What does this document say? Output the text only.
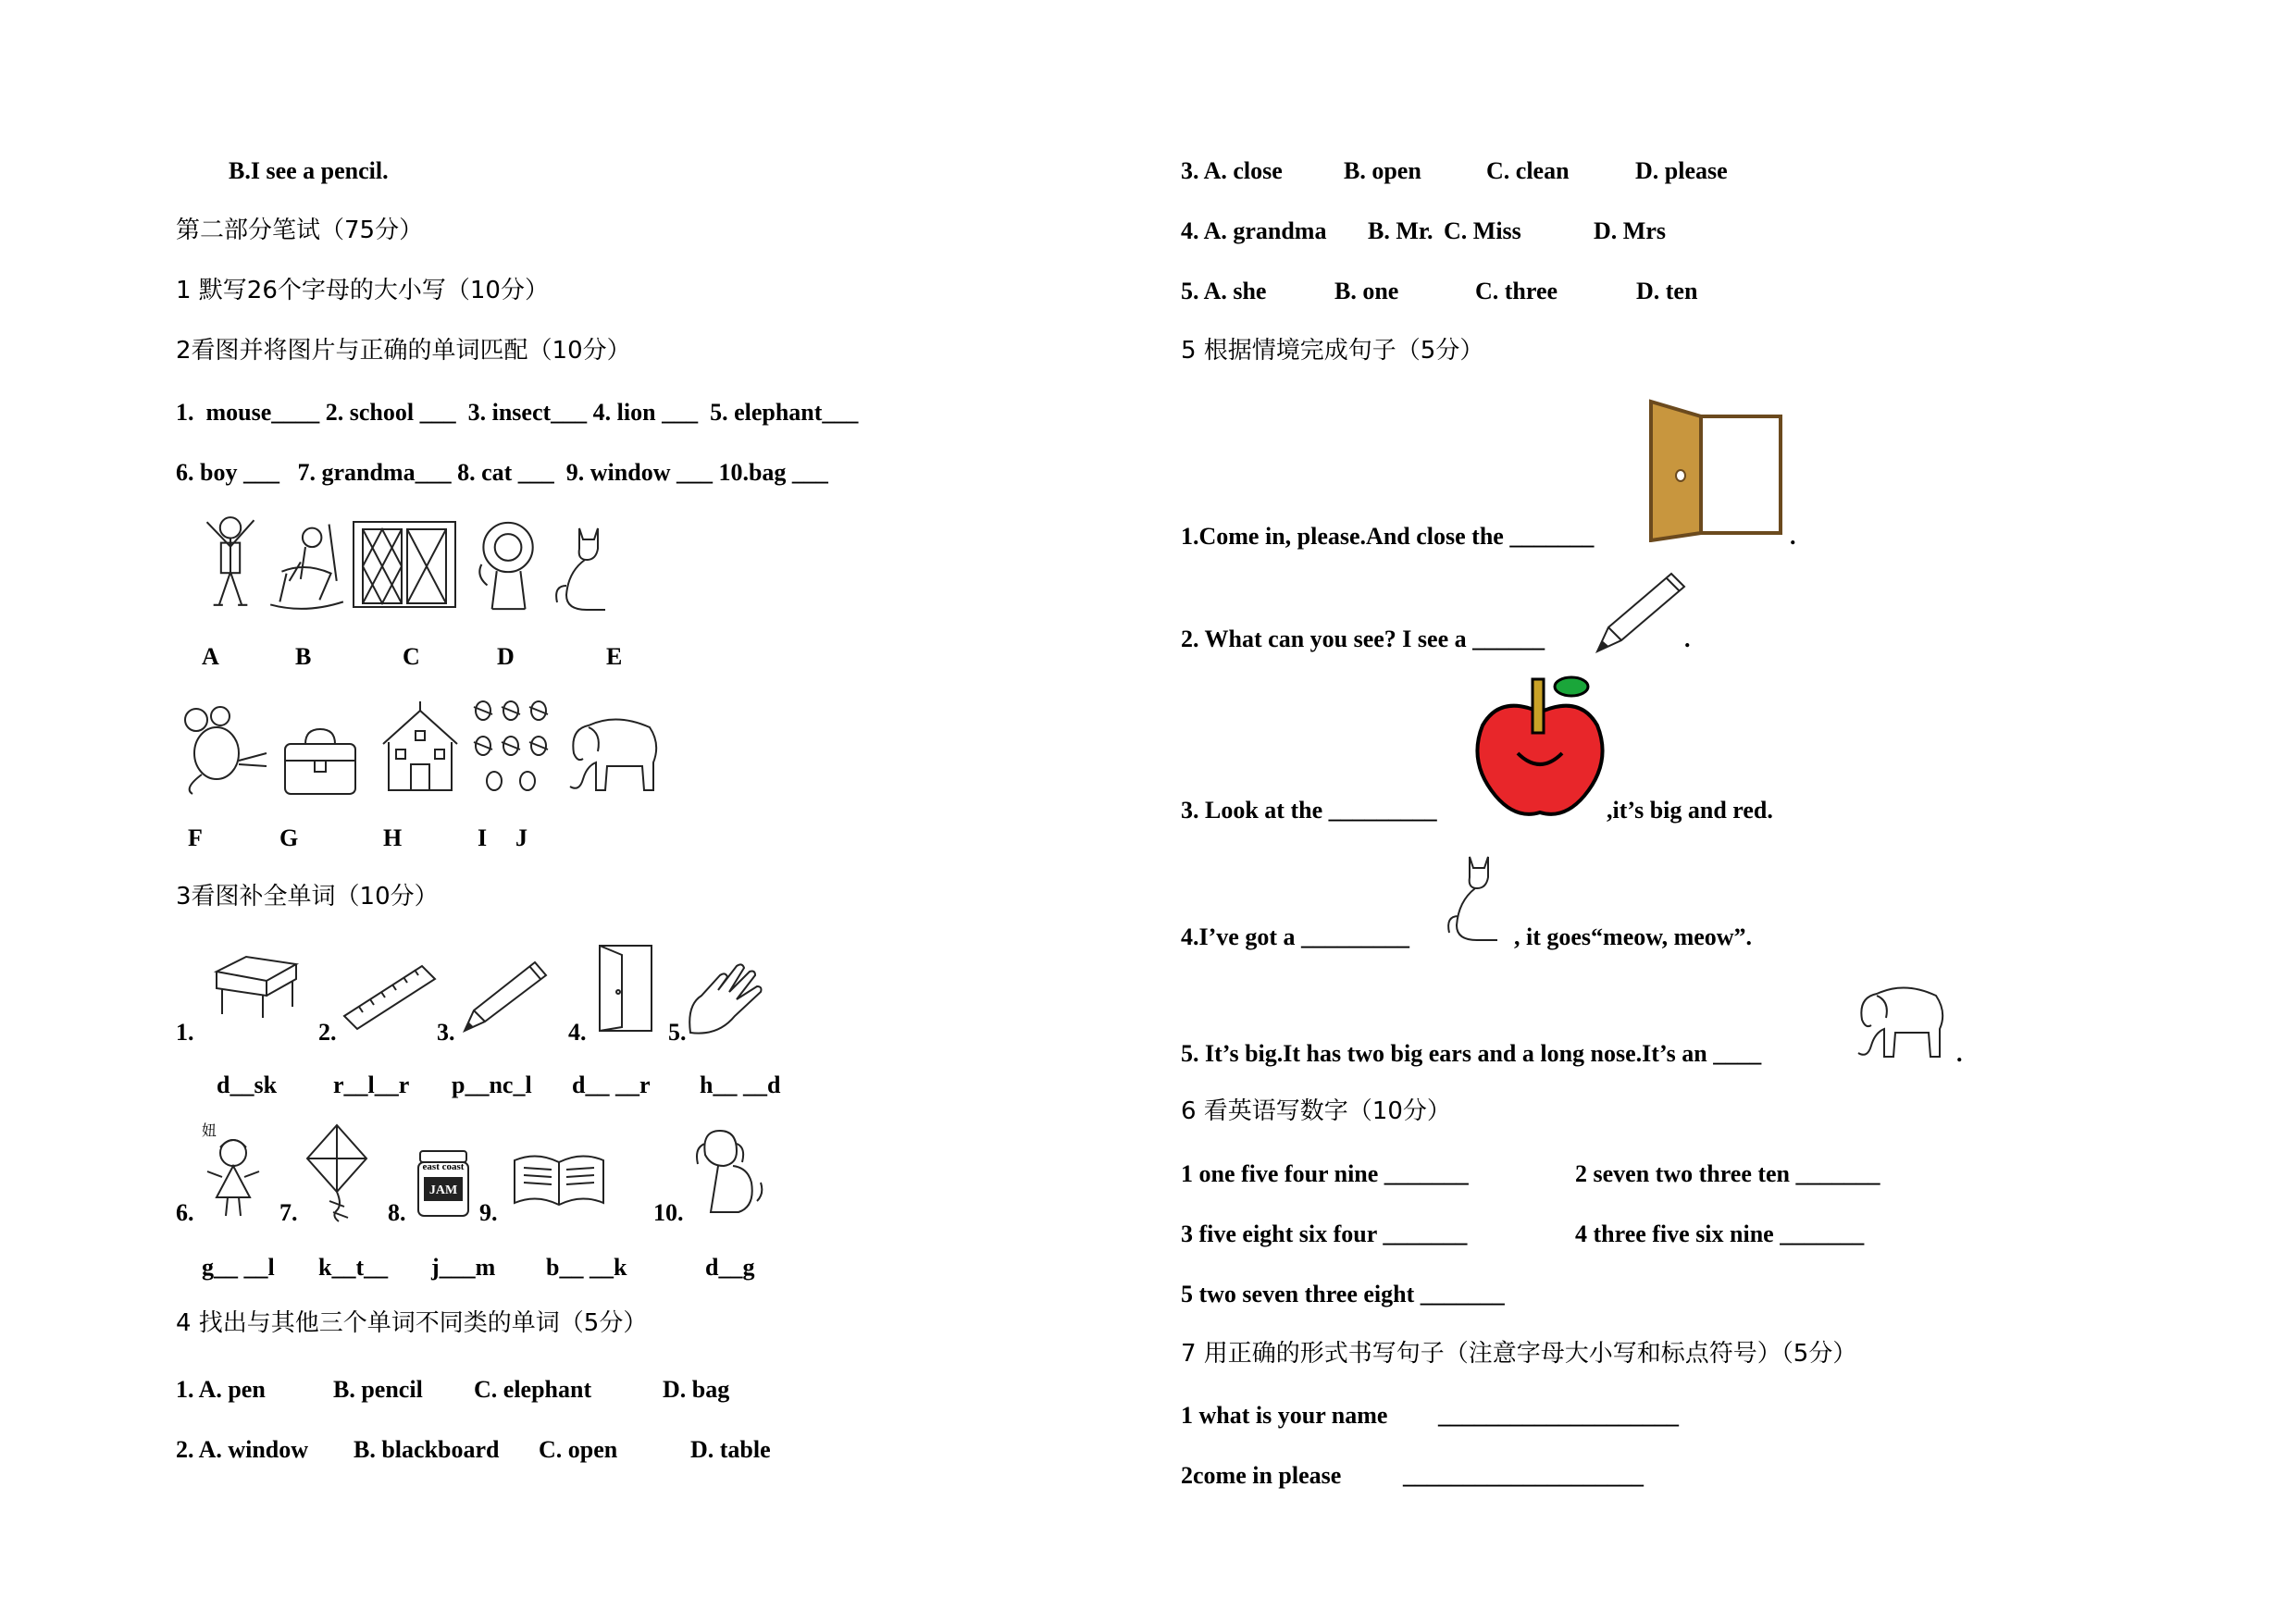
B.I see a pencil.
第二部分笔试（75分）
1 默写26个字母的大小写（10分）
2看图并将图片与正确的单词匹配（10分）
1.  mouse____ 2. school ___  3. insect___ 4. lion ___  5. elephant___
6. boy ___   7. grandma___ 8. cat ___  9. window ___ 10.bag ___
A	B	C	D	E
F	G	H	I J
3看图补全单词（10分）
1.	2.	3.	4.	5.
d__sk r__l__r p__nc_l d__ __r h__ __d
妞
east coast
JAM
6.	7.	8.	9.	10.
g__ __l k__t__ j___m b__ __k	d__g
4 找出与其他三个单词不同类的单词（5分）
1. A. pen	B. pencil C. elephant	D. bag
2. A. window B. blackboard C. open	D. table
3. A. close	B. open	C. clean	D. please
4. A. grandma B. Mr. C. Miss	D. Mrs
5. A. she	B. one	C. three	D. ten
5 根据情境完成句子（5分）
1.Come in, please.And close the _______	.
2. What can you see? I see a ______	.
3. Look at the _________	,it’s big and red.
4.I’ve got a _________	, it goes“meow, meow”.
5. It’s big.It has two big ears and a long nose.It’s an ____	.
6 看英语写数字（10分）
1 one five four nine _______	2 seven two three ten _______
3 five eight six four _______	4 three five six nine _______
5 two seven three eight _______
7 用正确的形式书写句子（注意字母大小写和标点符号）（5分）
1 what is your name ____________________
2come in please	____________________
